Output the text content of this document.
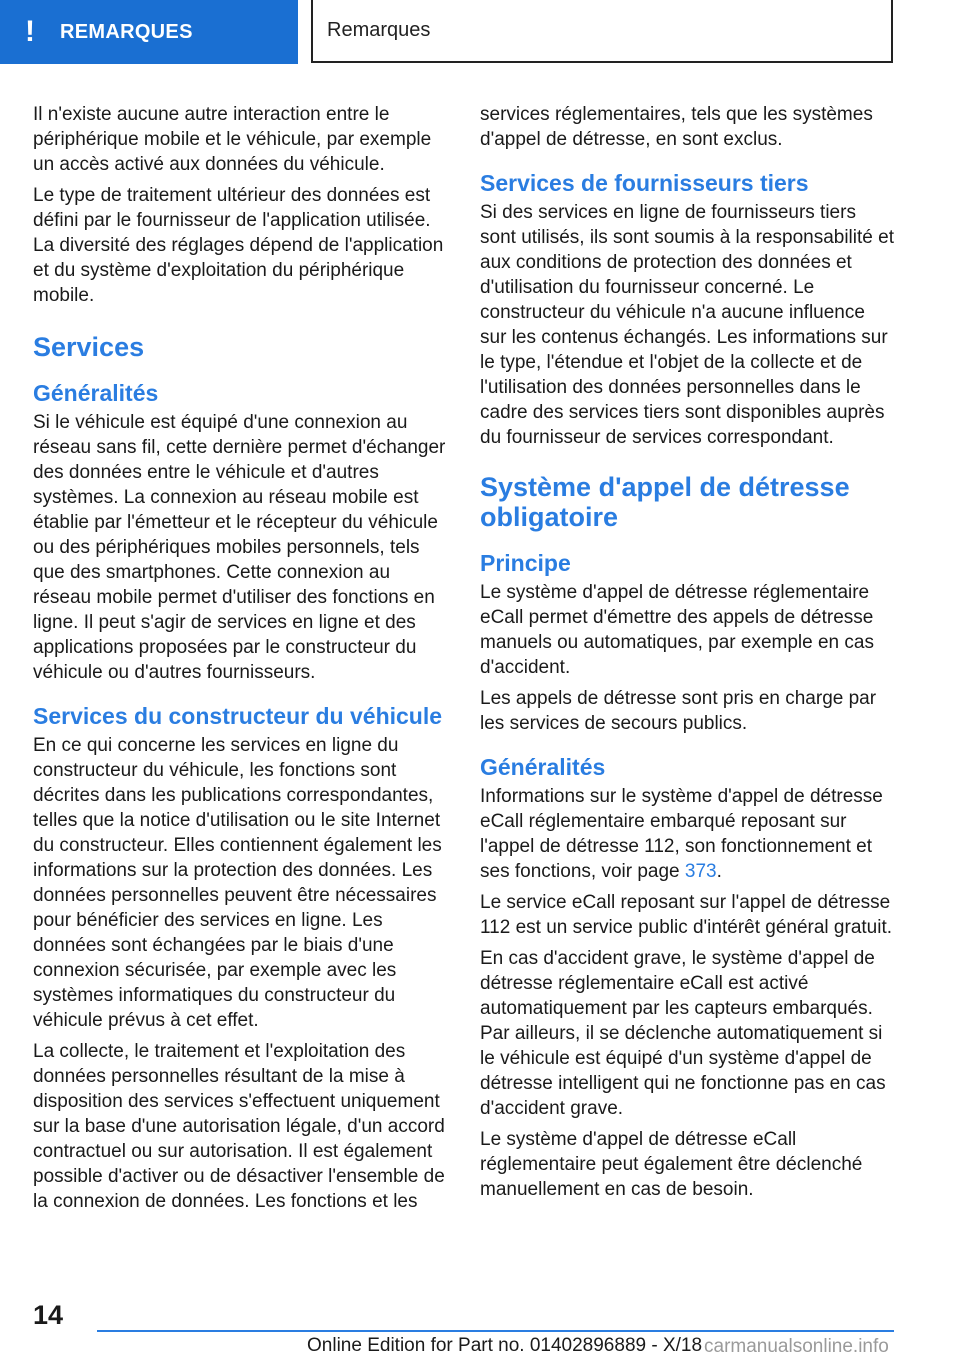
!	REMARQUES	Remarques

Il n'existe aucune autre interaction entre le périphérique mobile et le véhicule, par exemple un accès activé aux données du véhicule.

Le type de traitement ultérieur des données est défini par le fournisseur de l'application utilisée. La diversité des réglages dépend de l'application et du système d'exploitation du périphérique mobile.

Services
Généralités

Si le véhicule est équipé d'une connexion au réseau sans fil, cette dernière permet d'échanger des données entre le véhicule et d'autres systèmes. La connexion au réseau mobile est établie par l'émetteur et le récepteur du véhicule ou des périphériques mobiles personnels, tels que des smartphones. Cette connexion au réseau mobile permet d'utiliser des fonctions en ligne. Il peut s'agir de services en ligne et des applications proposées par le constructeur du véhicule ou d'autres fournisseurs.

Services du constructeur du véhicule

En ce qui concerne les services en ligne du constructeur du véhicule, les fonctions sont décrites dans les publications correspondantes, telles que la notice d'utilisation ou le site Internet du constructeur. Elles contiennent également les informations sur la protection des données. Les données personnelles peuvent être nécessaires pour bénéficier des services en ligne. Les données sont échangées par le biais d'une connexion sécurisée, par exemple avec les systèmes informatiques du constructeur du véhicule prévus à cet effet.

La collecte, le traitement et l'exploitation des données personnelles résultant de la mise à disposition des services s'effectuent uniquement sur la base d'une autorisation légale, d'un accord contractuel ou sur autorisation. Il est également possible d'activer ou de désactiver l'ensemble de la connexion de données. Les fonctions et les

services réglementaires, tels que les systèmes d'appel de détresse, en sont exclus.

Services de fournisseurs tiers

Si des services en ligne de fournisseurs tiers sont utilisés, ils sont soumis à la responsabilité et aux conditions de protection des données et d'utilisation du fournisseur concerné. Le constructeur du véhicule n'a aucune influence sur les contenus échangés. Les informations sur le type, l'étendue et l'objet de la collecte et de l'utilisation des données personnelles dans le cadre des services tiers sont disponibles auprès du fournisseur de services correspondant.

Système d'appel de détresse obligatoire
Principe

Le système d'appel de détresse réglementaire eCall permet d'émettre des appels de détresse manuels ou automatiques, par exemple en cas d'accident.

Les appels de détresse sont pris en charge par les services de secours publics.

Généralités

Informations sur le système d'appel de détresse eCall réglementaire embarqué reposant sur l'appel de détresse 112, son fonctionnement et ses fonctions, voir page 373.

Le service eCall reposant sur l'appel de détresse 112 est un service public d'intérêt général gratuit.

En cas d'accident grave, le système d'appel de détresse réglementaire eCall est activé automatiquement par les capteurs embarqués. Par ailleurs, il se déclenche automatiquement si le véhicule est équipé d'un système d'appel de détresse intelligent qui ne fonctionne pas en cas d'accident grave.

Le système d'appel de détresse eCall réglementaire peut également être déclenché manuellement en cas de besoin.

14
Online Edition for Part no. 01402896889 - X/18 carmanualsonline.info
